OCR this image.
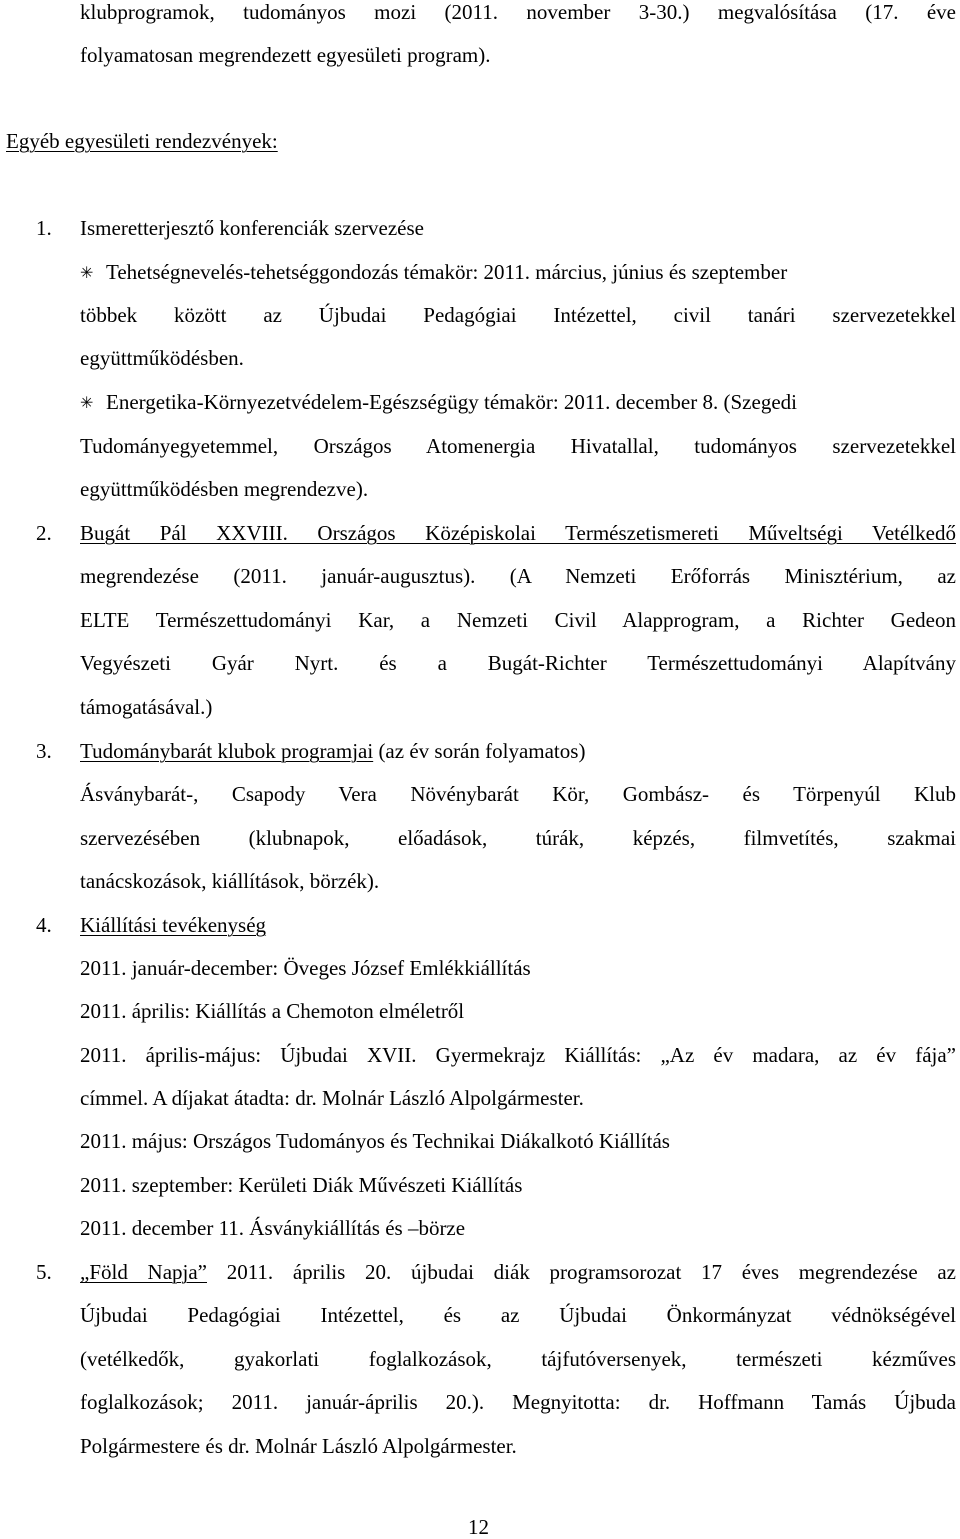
klubprogramok, tudományos mozi (2011. november 3-30.) megvalósítása (17. éve
folyamatosan megrendezett egyesületi program).
Egyéb egyesületi rendezvények:
1. Ismeretterjesztő konferenciák szervezése
✳ Tehetségnevelés-tehetséggondozás témakör: 2011. március, június és szeptember
többek között az Újbudai Pedagógiai Intézettel, civil tanári szervezetekkel
együttműködésben.
✳ Energetika-Környezetvédelem-Egészségügy témakör: 2011. december 8. (Szegedi
Tudományegyetemmel, Országos Atomenergia Hivatallal, tudományos szervezetekkel
együttműködésben megrendezve).
2. Bugát Pál XXVIII. Országos Középiskolai Természetismereti Műveltségi Vetélkedő
megrendezése (2011. január-augusztus). (A Nemzeti Erőforrás Minisztérium, az
ELTE Természettudományi Kar, a Nemzeti Civil Alapprogram, a Richter Gedeon
Vegyészeti Gyár Nyrt. és a Bugát-Richter Természettudományi Alapítvány
támogatásával.)
3. Tudománybarát klubok programjai (az év során folyamatos)
Ásványbarát-, Csapody Vera Növénybarát Kör, Gombász- és Törpenyúl Klub
szervezésében (klubnapok, előadások, túrák, képzés, filmvetítés, szakmai
tanácskozások, kiállítások, börzék).
4. Kiállítási tevékenység
2011. január-december: Öveges József Emlékkiállítás
2011. április: Kiállítás a Chemoton elméletről
2011. április-május: Újbudai XVII. Gyermekrajz Kiállítás: „Az év madara, az év fája”
címmel. A díjakat átadta: dr. Molnár László Alpolgármester.
2011. május: Országos Tudományos és Technikai Diákalkotó Kiállítás
2011. szeptember: Kerületi Diák Művészeti Kiállítás
2011. december 11. Ásványkiállítás és –börze
5. „Föld Napja” 2011. április 20. újbudai diák programsorozat 17 éves megrendezése az
Újbudai Pedagógiai Intézettel, és az Újbudai Önkormányzat védnökségével
(vetélkedők, gyakorlati foglalkozások, tájfutóversenyek, természeti kézműves
foglalkozások; 2011. január-április 20.). Megnyitotta: dr. Hoffmann Tamás Újbuda
Polgármestere és dr. Molnár László Alpolgármester.
12
